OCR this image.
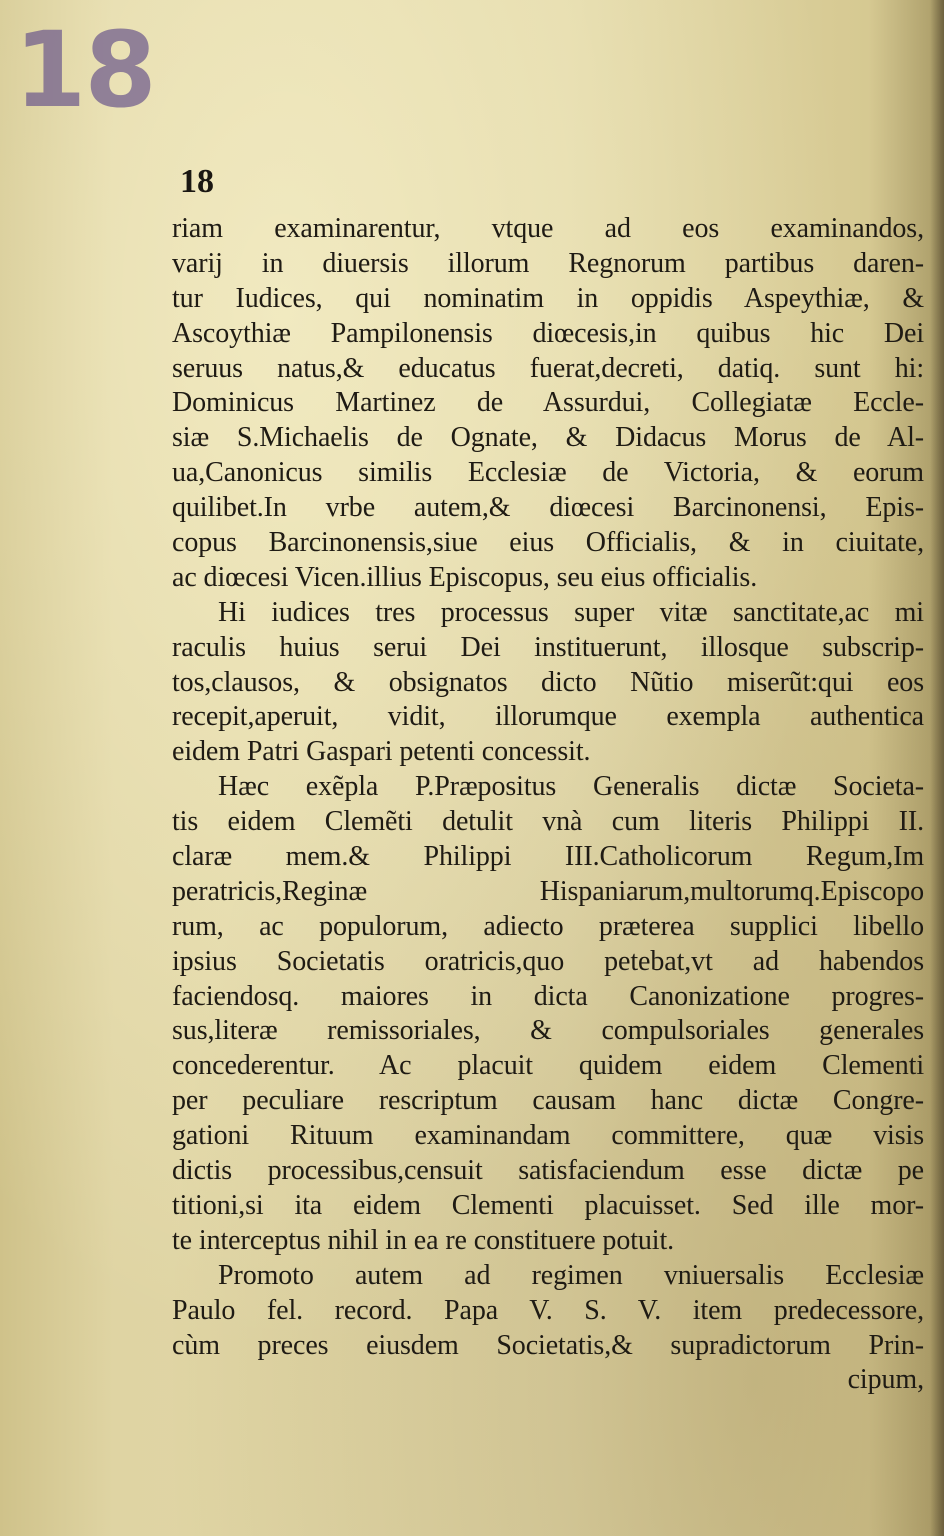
18
18
riam examinarentur, vtque ad eos examinandos,
varij in diuersis illorum Regnorum partibus daren-
tur Iudices, qui nominatim in oppidis Aspeythiæ, &
Ascoythiæ Pampilonensis diœcesis,in quibus hic Dei
seruus natus,& educatus fuerat,decreti, datiq. sunt hi:
Dominicus Martinez de Assurdui, Collegiatæ Eccle-
siæ S.Michaelis de Ognate, & Didacus Morus de Al-
ua,Canonicus similis Ecclesiæ de Victoria, & eorum
quilibet.In vrbe autem,& diœcesi Barcinonensi, Epis-
copus Barcinonensis,siue eius Officialis, & in ciuitate,
ac diœcesi Vicen.illius Episcopus, seu eius officialis.
Hi iudices tres processus super vitæ sanctitate,ac mi
raculis huius serui Dei instituerunt, illosque subscrip-
tos,clausos, & obsignatos dicto Nũtio miserũt:qui eos
recepit,aperuit, vidit, illorumque exempla authentica
eidem Patri Gaspari petenti concessit.
Hæc exẽpla P.Præpositus Generalis dictæ Societa-
tis eidem Clemẽti detulit vnà cum literis Philippi II.
claræ mem.& Philippi III.Catholicorum Regum,Im
peratricis,Reginæ Hispaniarum,multorumq.Episcopo
rum, ac populorum, adiecto præterea supplici libello
ipsius Societatis oratricis,quo petebat,vt ad habendos
faciendosq. maiores in dicta Canonizatione progres-
sus,literæ remissoriales, & compulsoriales generales
concederentur. Ac placuit quidem eidem Clementi
per peculiare rescriptum causam hanc dictæ Congre-
gationi Rituum examinandam committere, quæ visis
dictis processibus,censuit satisfaciendum esse dictæ pe
titioni,si ita eidem Clementi placuisset. Sed ille mor-
te interceptus nihil in ea re constituere potuit.
Promoto autem ad regimen vniuersalis Ecclesiæ
Paulo fel. record. Papa V. S. V. item predecessore,
cùm preces eiusdem Societatis,& supradictorum Prin-
cipum,
